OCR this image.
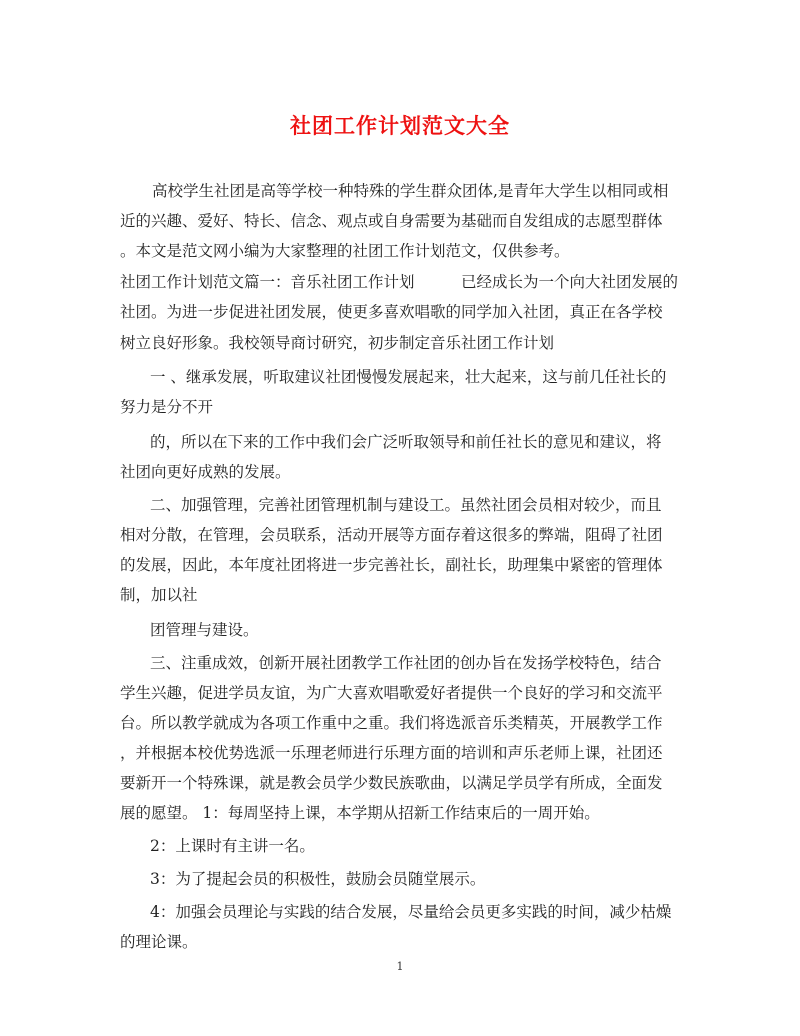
社团工作计划范文大全
高校学生社团是高等学校一种特殊的学生群众团体,是青年大学生以相同或相
近的兴趣、爱好、特长、信念、观点或自身需要为基础而自发组成的志愿型群体
。本文是范文网小编为大家整理的社团工作计划范文，仅供参考。
社团工作计划范文篇一：音乐社团工作计划　　　已经成长为一个向大社团发展的
社团。为进一步促进社团发展，使更多喜欢唱歌的同学加入社团，真正在各学校
树立良好形象。我校领导商讨研究，初步制定音乐社团工作计划
一 、继承发展，听取建议社团慢慢发展起来，壮大起来，这与前几任社长的
努力是分不开
的，所以在下来的工作中我们会广泛听取领导和前任社长的意见和建议，将
社团向更好成熟的发展。
二、加强管理，完善社团管理机制与建设工。虽然社团会员相对较少，而且
相对分散，在管理，会员联系，活动开展等方面存着这很多的弊端，阻碍了社团
的发展，因此，本年度社团将进一步完善社长，副社长，助理集中紧密的管理体
制，加以社
团管理与建设。
三、注重成效，创新开展社团教学工作社团的创办旨在发扬学校特色，结合
学生兴趣，促进学员友谊，为广大喜欢唱歌爱好者提供一个良好的学习和交流平
台。所以教学就成为各项工作重中之重。我们将选派音乐类精英，开展教学工作
，并根据本校优势选派一乐理老师进行乐理方面的培训和声乐老师上课，社团还
要新开一个特殊课，就是教会员学少数民族歌曲，以满足学员学有所成，全面发
展的愿望。 1：每周坚持上课，本学期从招新工作结束后的一周开始。
2：上课时有主讲一名。
3：为了提起会员的积极性，鼓励会员随堂展示。
4：加强会员理论与实践的结合发展，尽量给会员更多实践的时间，减少枯燥
的理论课。
1
